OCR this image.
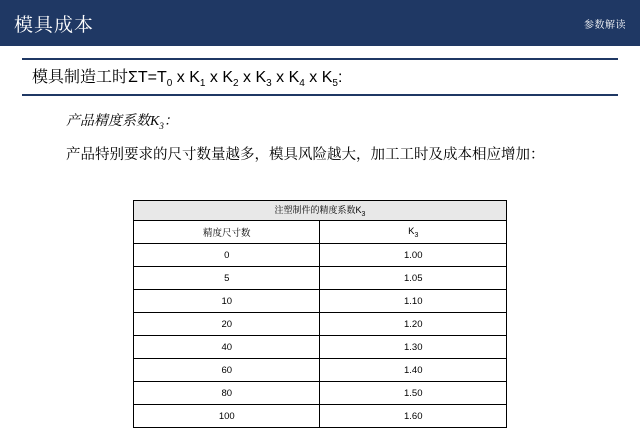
模具成本	参数解读
模具制造工时$\Sigma T=T_0$ x $K_1$ x $K_2$ x $K_3$ x $K_4$ x $K_5$:
产品精度系数$K_3$：
产品特别要求的尺寸数量越多，模具风险越大，加工工时及成本相应增加：
注塑制件的精度系数$K_3$
精度尺寸数	$K_3$
0	1.00
5	1.05
10	1.10
20	1.20
40	1.30
60	1.40
80	1.50
100	1.60
